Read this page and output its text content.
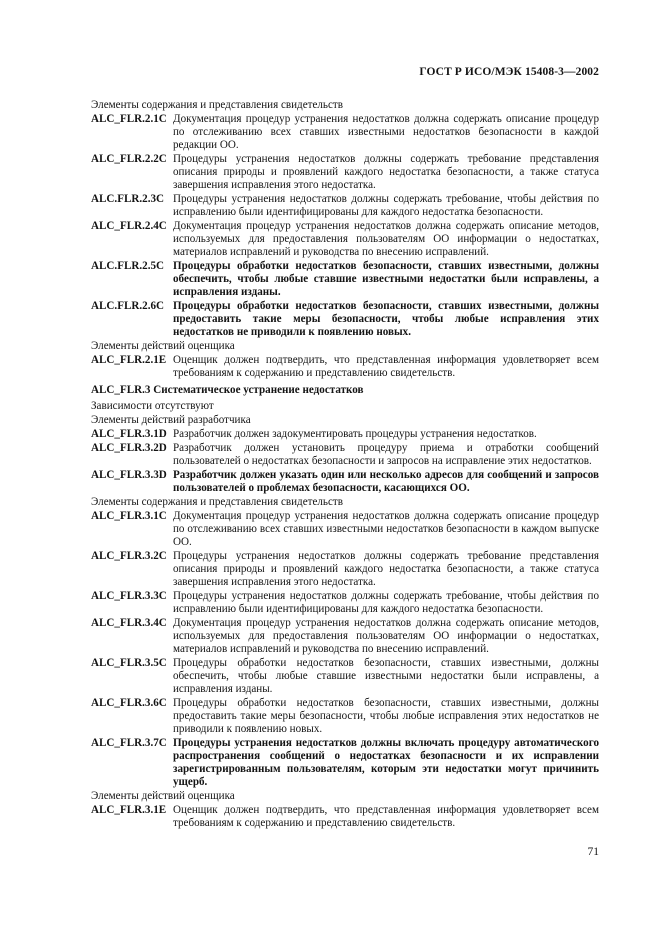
ГОСТ Р ИСО/МЭК 15408-3—2002
Элементы содержания и представления свидетельств
ALC_FLR.2.1C Документация процедур устранения недостатков должна содержать описание процедур по отслеживанию всех ставших известными недостатков безопасности в каждой редакции ОО.
ALC_FLR.2.2C Процедуры устранения недостатков должны содержать требование представления описания природы и проявлений каждого недостатка безопасности, а также статуса завершения исправления этого недостатка.
ALC.FLR.2.3C Процедуры устранения недостатков должны содержать требование, чтобы действия по исправлению были идентифицированы для каждого недостатка безопасности.
ALC_FLR.2.4C Документация процедур устранения недостатков должна содержать описание методов, используемых для предоставления пользователям ОО информации о недостатках, материалов исправлений и руководства по внесению исправлений.
ALC.FLR.2.5C Процедуры обработки недостатков безопасности, ставших известными, должны обеспечить, чтобы любые ставшие известными недостатки были исправлены, а исправления изданы.
ALC.FLR.2.6C Процедуры обработки недостатков безопасности, ставших известными, должны предоставить такие меры безопасности, чтобы любые исправления этих недостатков не приводили к появлению новых.
Элементы действий оценщика
ALC_FLR.2.1E Оценщик должен подтвердить, что представленная информация удовлетворяет всем требованиям к содержанию и представлению свидетельств.
ALC_FLR.3 Систематическое устранение недостатков
Зависимости отсутствуют
Элементы действий разработчика
ALC_FLR.3.1D Разработчик должен задокументировать процедуры устранения недостатков.
ALC_FLR.3.2D Разработчик должен установить процедуру приема и отработки сообщений пользователей о недостатках безопасности и запросов на исправление этих недостатков.
ALC_FLR.3.3D Разработчик должен указать один или несколько адресов для сообщений и запросов пользователей о проблемах безопасности, касающихся ОО.
Элементы содержания и представления свидетельств
ALC_FLR.3.1C Документация процедур устранения недостатков должна содержать описание процедур по отслеживанию всех ставших известными недостатков безопасности в каждом выпуске ОО.
ALC_FLR.3.2C Процедуры устранения недостатков должны содержать требование представления описания природы и проявлений каждого недостатка безопасности, а также статуса завершения исправления этого недостатка.
ALC_FLR.3.3C Процедуры устранения недостатков должны содержать требование, чтобы действия по исправлению были идентифицированы для каждого недостатка безопасности.
ALC_FLR.3.4C Документация процедур устранения недостатков должна содержать описание методов, используемых для предоставления пользователям ОО информации о недостатках, материалов исправлений и руководства по внесению исправлений.
ALC_FLR.3.5C Процедуры обработки недостатков безопасности, ставших известными, должны обеспечить, чтобы любые ставшие известными недостатки были исправлены, а исправления изданы.
ALC_FLR.3.6C Процедуры обработки недостатков безопасности, ставших известными, должны предоставить такие меры безопасности, чтобы любые исправления этих недостатков не приводили к появлению новых.
ALC_FLR.3.7C Процедуры устранения недостатков должны включать процедуру автоматического распространения сообщений о недостатках безопасности и их исправлении зарегистрированным пользователям, которым эти недостатки могут причинить ущерб.
Элементы действий оценщика
ALC_FLR.3.1E Оценщик должен подтвердить, что представленная информация удовлетворяет всем требованиям к содержанию и представлению свидетельств.
71
